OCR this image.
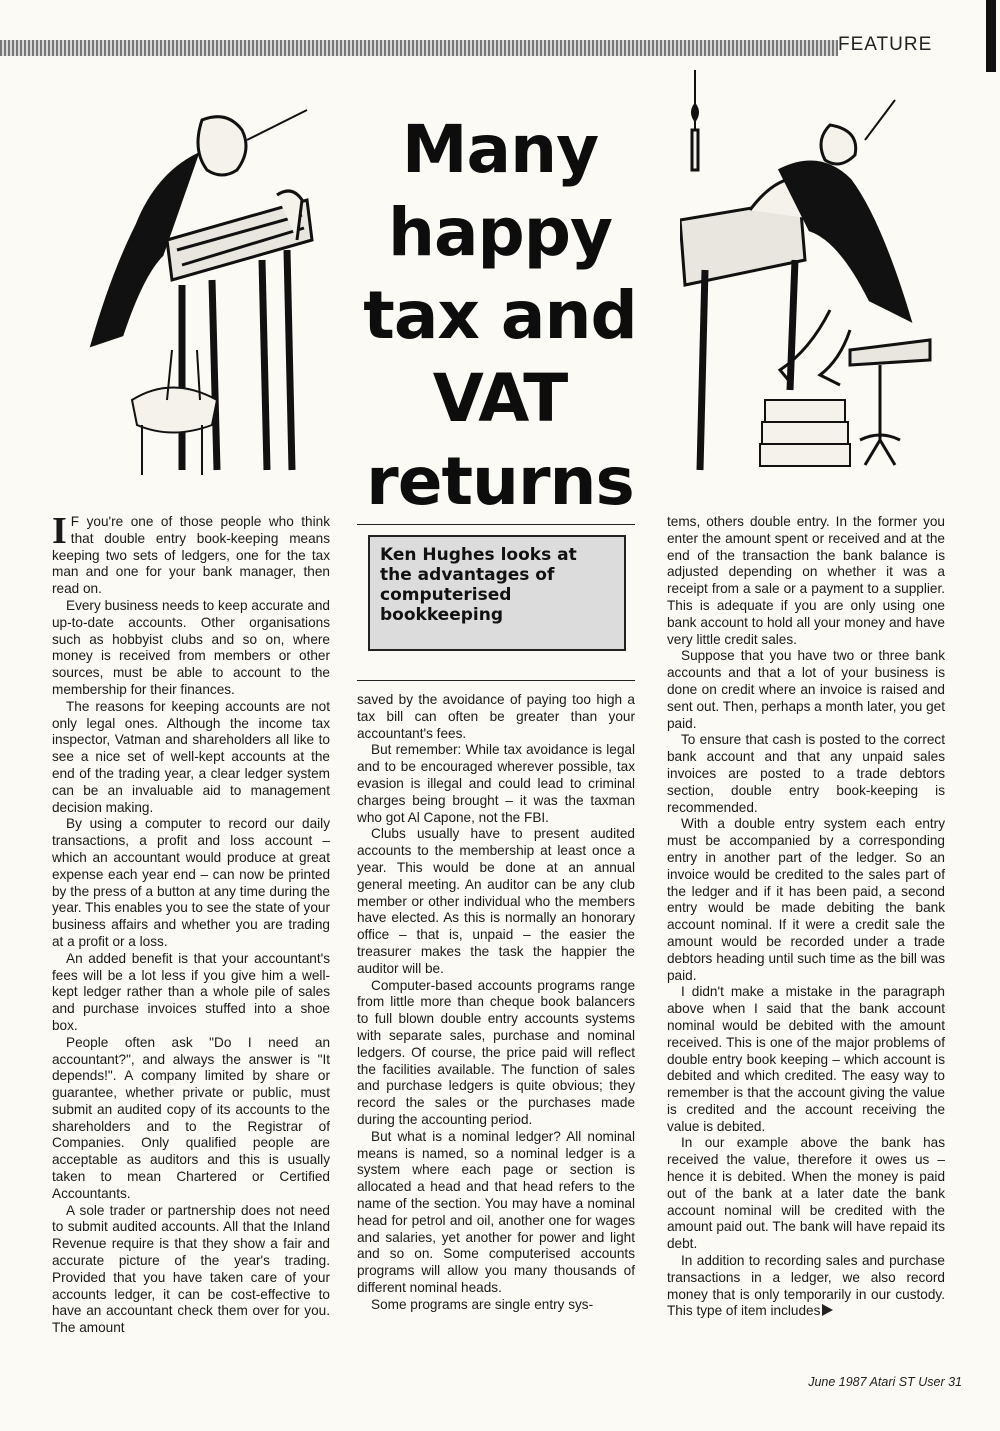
FEATURE
Many
happy
tax and
VAT
returns

I F you're one of those people who think that double entry book-keeping means keeping two sets of ledgers, one for the tax man and one for your bank manager, then read on.

Every business needs to keep accurate and up-to-date accounts. Other organisations such as hobbyist clubs and so on, where money is received from members or other sources, must be able to account to the membership for their finances.

The reasons for keeping accounts are not only legal ones. Although the income tax inspector, Vatman and shareholders all like to see a nice set of well-kept accounts at the end of the trading year, a clear ledger system can be an invaluable aid to management decision making.

By using a computer to record our daily transactions, a profit and loss account – which an accountant would produce at great expense each year end – can now be printed by the press of a button at any time during the year. This enables you to see the state of your business affairs and whether you are trading at a profit or a loss.

An added benefit is that your accountant's fees will be a lot less if you give him a well-kept ledger rather than a whole pile of sales and purchase invoices stuffed into a shoe box.

People often ask "Do I need an accountant?", and always the answer is "It depends!". A company limited by share or guarantee, whether private or public, must submit an audited copy of its accounts to the shareholders and to the Registrar of Companies. Only qualified people are acceptable as auditors and this is usually taken to mean Chartered or Certified Accountants.

A sole trader or partnership does not need to submit audited accounts. All that the Inland Revenue require is that they show a fair and accurate picture of the year's trading. Provided that you have taken care of your accounts ledger, it can be cost-effective to have an accountant check them over for you. The amount

Ken Hughes looks at the advantages of computerised bookkeeping

saved by the avoidance of paying too high a tax bill can often be greater than your accountant's fees.

But remember: While tax avoidance is legal and to be encouraged wherever possible, tax evasion is illegal and could lead to criminal charges being brought – it was the taxman who got Al Capone, not the FBI.

Clubs usually have to present audited accounts to the membership at least once a year. This would be done at an annual general meeting. An auditor can be any club member or other individual who the members have elected. As this is normally an honorary office – that is, unpaid – the easier the treasurer makes the task the happier the auditor will be.

Computer-based accounts programs range from little more than cheque book balancers to full blown double entry accounts systems with separate sales, purchase and nominal ledgers. Of course, the price paid will reflect the facilities available. The function of sales and purchase ledgers is quite obvious; they record the sales or the purchases made during the accounting period.

But what is a nominal ledger? All nominal means is named, so a nominal ledger is a system where each page or section is allocated a head and that head refers to the name of the section. You may have a nominal head for petrol and oil, another one for wages and salaries, yet another for power and light and so on. Some computerised accounts programs will allow you many thousands of different nominal heads.

Some programs are single entry sys-

tems, others double entry. In the former you enter the amount spent or received and at the end of the transaction the bank balance is adjusted depending on whether it was a receipt from a sale or a payment to a supplier. This is adequate if you are only using one bank account to hold all your money and have very little credit sales.

Suppose that you have two or three bank accounts and that a lot of your business is done on credit where an invoice is raised and sent out. Then, perhaps a month later, you get paid.

To ensure that cash is posted to the correct bank account and that any unpaid sales invoices are posted to a trade debtors section, double entry book-keeping is recommended.

With a double entry system each entry must be accompanied by a corresponding entry in another part of the ledger. So an invoice would be credited to the sales part of the ledger and if it has been paid, a second entry would be made debiting the bank account nominal. If it were a credit sale the amount would be recorded under a trade debtors heading until such time as the bill was paid.

I didn't make a mistake in the paragraph above when I said that the bank account nominal would be debited with the amount received. This is one of the major problems of double entry book keeping – which account is debited and which credited. The easy way to remember is that the account giving the value is credited and the account receiving the value is debited.

In our example above the bank has received the value, therefore it owes us – hence it is debited. When the money is paid out of the bank at a later date the bank account nominal will be credited with the amount paid out. The bank will have repaid its debt.

In addition to recording sales and purchase transactions in a ledger, we also record money that is only temporarily in our custody. This type of item includes

June 1987 Atari ST User 31
